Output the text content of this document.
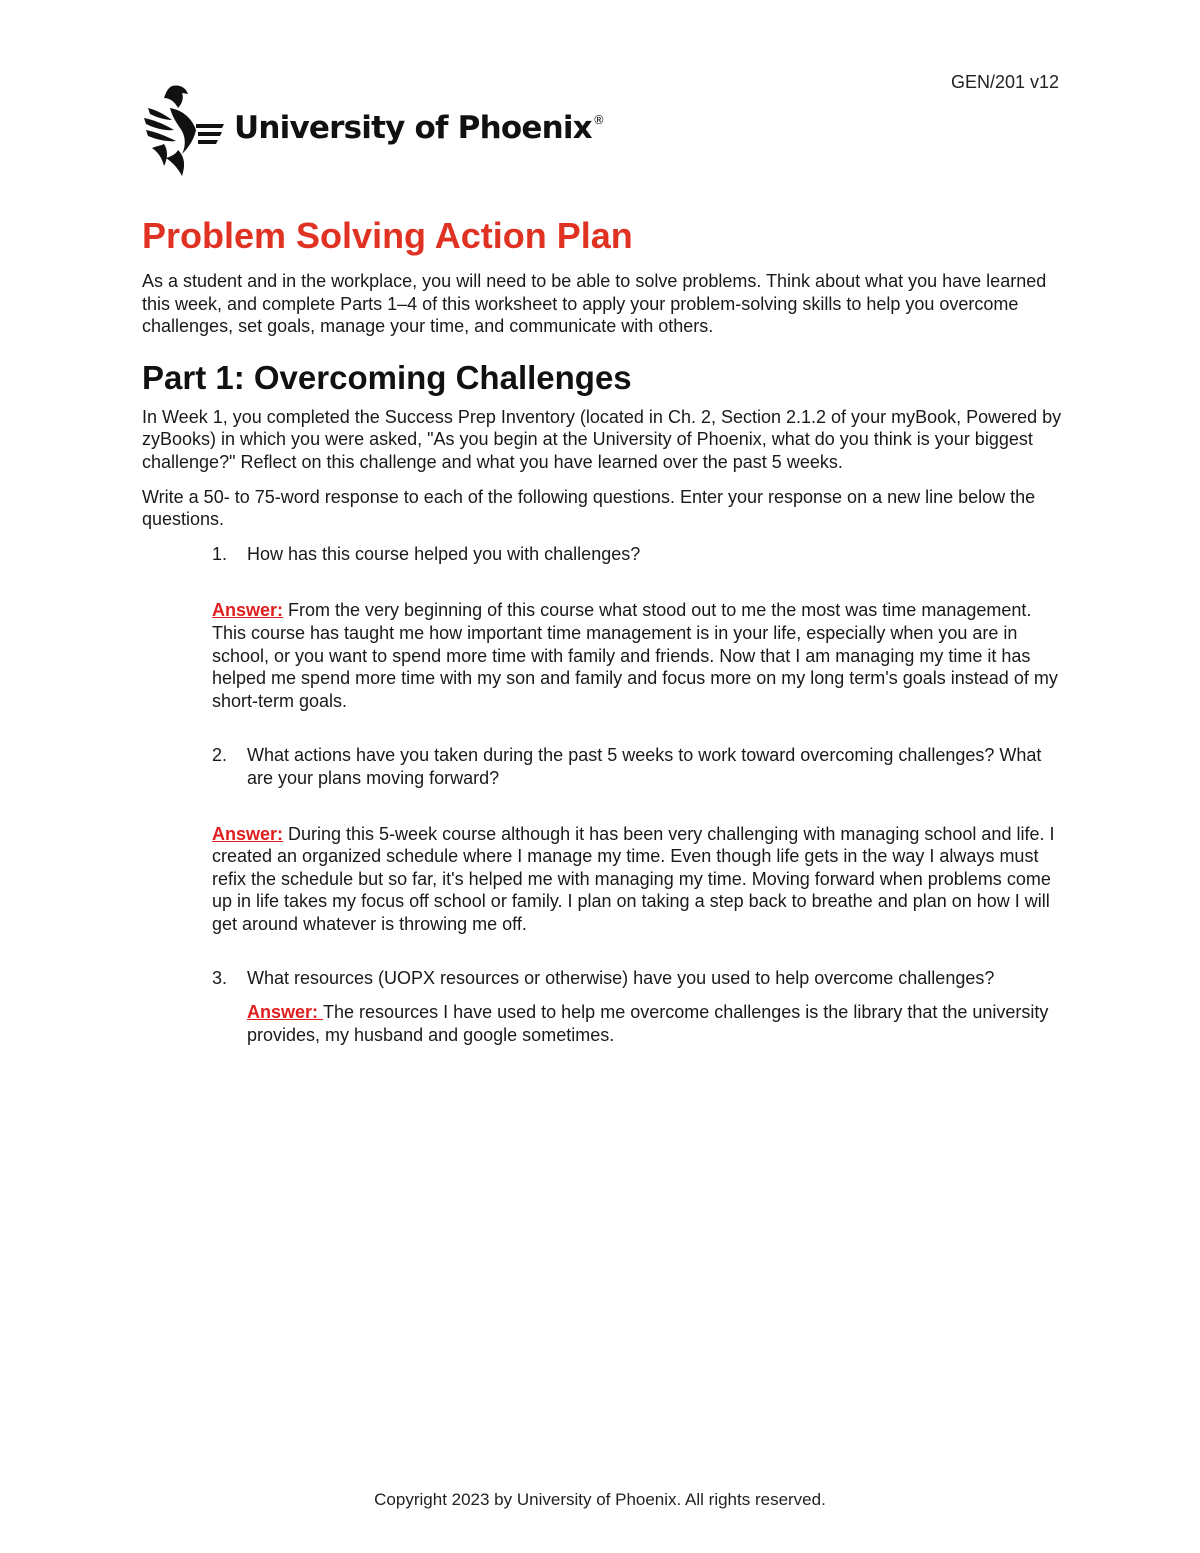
GEN/201 v12
University of Phoenix®
Problem Solving Action Plan

As a student and in the workplace, you will need to be able to solve problems. Think about what you have learned this week, and complete Parts 1–4 of this worksheet to apply your problem-solving skills to help you overcome challenges, set goals, manage your time, and communicate with others.

Part 1: Overcoming Challenges

In Week 1, you completed the Success Prep Inventory (located in Ch. 2, Section 2.1.2 of your myBook, Powered by zyBooks) in which you were asked, "As you begin at the University of Phoenix, what do you think is your biggest challenge?" Reflect on this challenge and what you have learned over the past 5 weeks.

Write a 50- to 75-word response to each of the following questions. Enter your response on a new line below the questions.

1.	How has this course helped you with challenges?
Answer: From the very beginning of this course what stood out to me the most was time management. This course has taught me how important time management is in your life, especially when you are in school, or you want to spend more time with family and friends. Now that I am managing my time it has helped me spend more time with my son and family and focus more on my long term's goals instead of my short-term goals.
2.	What actions have you taken during the past 5 weeks to work toward overcoming challenges? What are your plans moving forward?
Answer: During this 5-week course although it has been very challenging with managing school and life. I created an organized schedule where I manage my time. Even though life gets in the way I always must refix the schedule but so far, it's helped me with managing my time. Moving forward when problems come up in life takes my focus off school or family. I plan on taking a step back to breathe and plan on how I will get around whatever is throwing me off.
3.	What resources (UOPX resources or otherwise) have you used to help overcome challenges?
Answer: The resources I have used to help me overcome challenges is the library that the university provides, my husband and google sometimes.
Copyright 2023 by University of Phoenix. All rights reserved.
